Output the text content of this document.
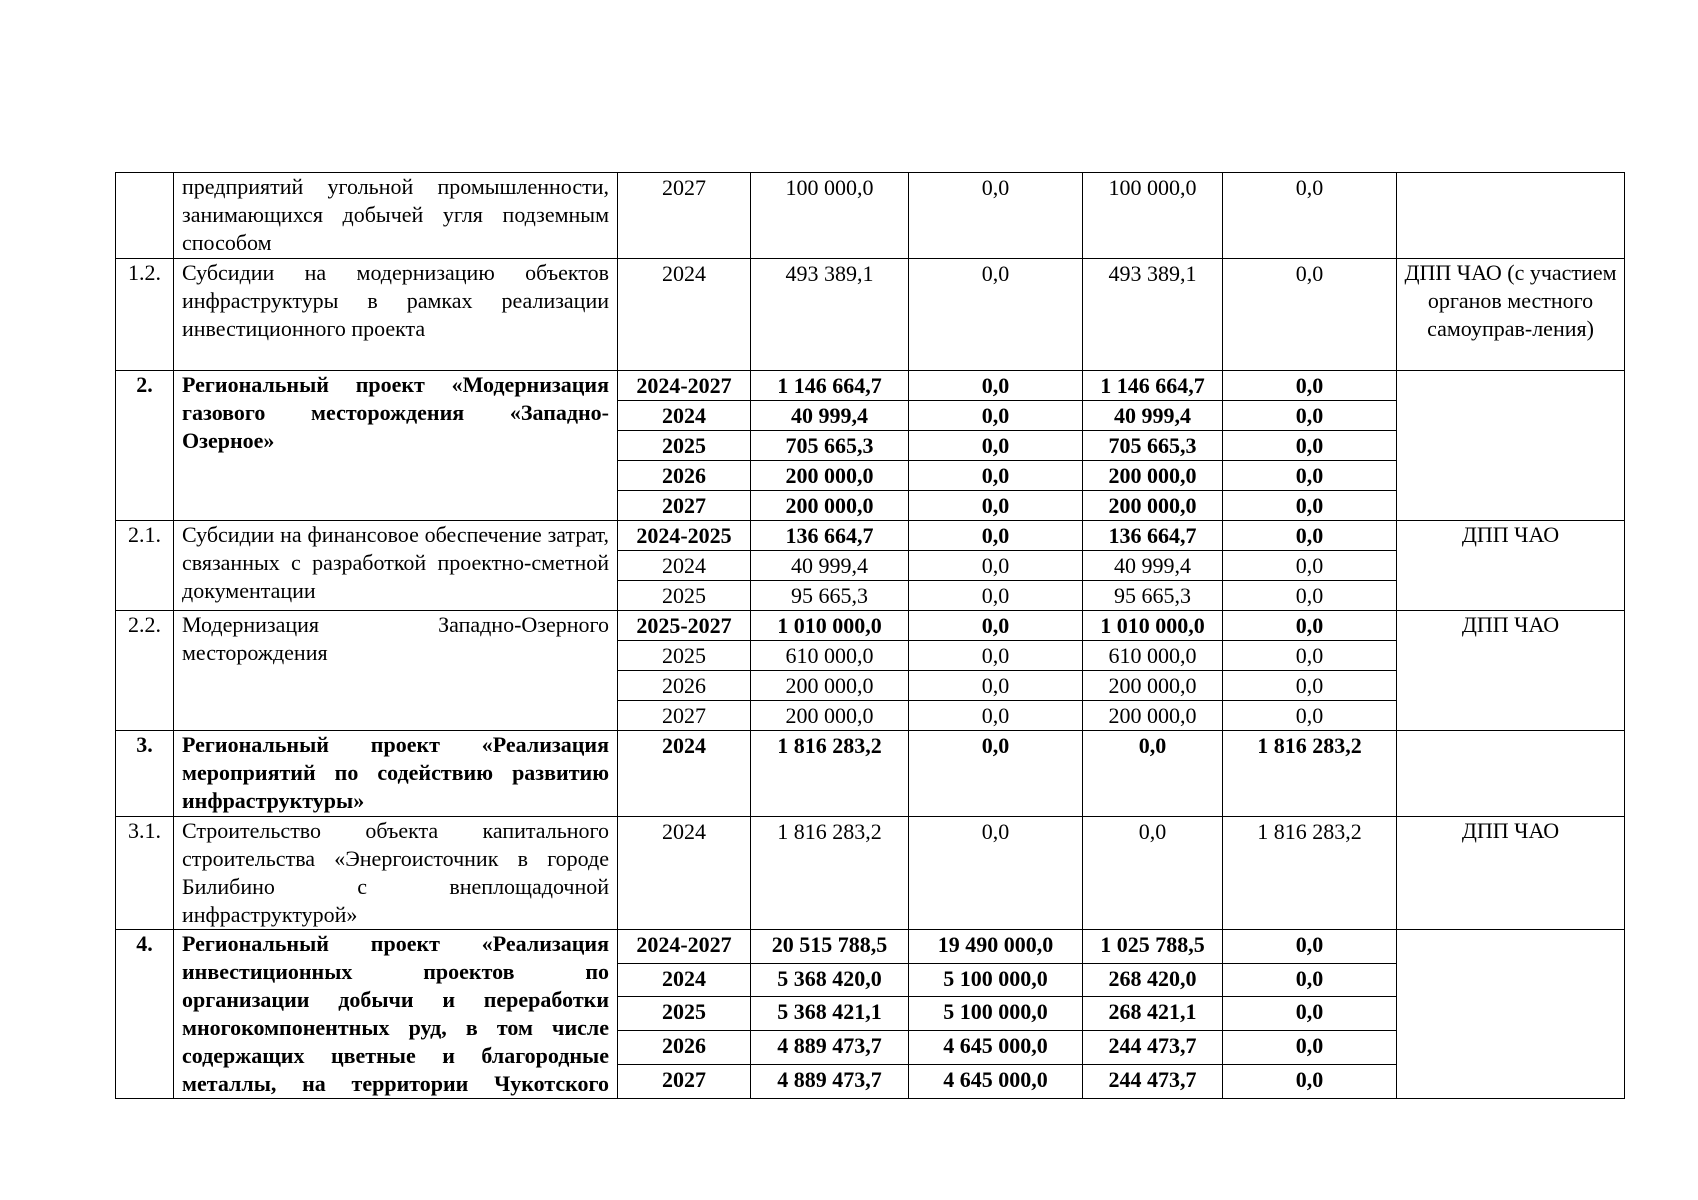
	предприятий угольной промышленности, занимающихся добычей угля подземным способом	2027	100 000,0	0,0	100 000,0	0,0	
1.2.	Субсидии на модернизацию объектов инфраструктуры в рамках реализации инвестиционного проекта	2024	493 389,1	0,0	493 389,1	0,0	ДПП ЧАО (с участием органов местного самоуправ-ления)
2.	Региональный проект «Модернизация газового месторождения «Западно-Озерное»	2024-2027	1 146 664,7	0,0	1 146 664,7	0,0	
		2024	40 999,4	0,0	40 999,4	0,0	
		2025	705 665,3	0,0	705 665,3	0,0	
		2026	200 000,0	0,0	200 000,0	0,0	
		2027	200 000,0	0,0	200 000,0	0,0	
2.1.	Субсидии на финансовое обеспечение затрат, связанных с разработкой проектно-сметной документации	2024-2025	136 664,7	0,0	136 664,7	0,0	ДПП ЧАО
		2024	40 999,4	0,0	40 999,4	0,0	
		2025	95 665,3	0,0	95 665,3	0,0	
2.2.	Модернизация Западно-Озерного месторождения	2025-2027	1 010 000,0	0,0	1 010 000,0	0,0	ДПП ЧАО
		2025	610 000,0	0,0	610 000,0	0,0	
		2026	200 000,0	0,0	200 000,0	0,0	
		2027	200 000,0	0,0	200 000,0	0,0	
3.	Региональный проект «Реализация мероприятий по содействию развитию инфраструктуры»	2024	1 816 283,2	0,0	0,0	1 816 283,2	
3.1.	Строительство объекта капитального строительства «Энергоисточник в городе Билибино с внеплощадочной инфраструктурой»	2024	1 816 283,2	0,0	0,0	1 816 283,2	ДПП ЧАО
4.	Региональный проект «Реализация инвестиционных проектов по организации добычи и переработки многокомпонентных руд, в том числе содержащих цветные и благородные металлы, на территории Чукотского	2024-2027	20 515 788,5	19 490 000,0	1 025 788,5	0,0	
		2024	5 368 420,0	5 100 000,0	268 420,0	0,0	
		2025	5 368 421,1	5 100 000,0	268 421,1	0,0	
		2026	4 889 473,7	4 645 000,0	244 473,7	0,0	
		2027	4 889 473,7	4 645 000,0	244 473,7	0,0	
